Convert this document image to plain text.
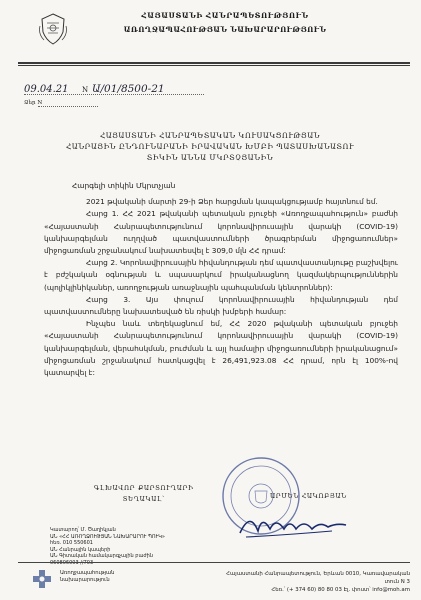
ՀԱՅԱՍՏԱՆԻ ՀԱՆՐԱՊԵՏՈՒԹՅՈՒՆ
ԱՌՈՂՋԱՊԱՀՈՒԹՅԱՆ ՆԱԽԱՐԱՐՈՒԹՅՈՒՆ
09.04.21 N Ա/01/8500-21
Ձեր N
ՀԱՅԱՍՏԱՆԻ ՀԱՆՐԱՊԵՏԱԿԱՆ ԿՈՒՍԱԿՑՈՒԹՅԱՆ
ՀԱՆՐԱՅԻՆ ԸՆԴՈՒՆԱՐԱՆԻ ԻՐԱՎԱԿԱՆ ԽՄԲԻ ՊԱՏԱՍԽԱՆԱՏՈՒ
ՏԻԿԻՆ ԱՆՆԱ ՄԿՐՏՉՅԱՆԻՆ

Հարգելի տիկին Մկրտչյան

2021 թվականի մարտի 29-ի Ձեր հարցման կապակցությամբ հայտնում եմ.

Հարց 1. ՀՀ 2021 թվականի պետական բյուջեի «Առողջապահություն» բաժնի «Հայաստանի Հանրապետությունում կորոնավիրուսային վարակի (COVID-19) կանխարգելման ուղղված պատվաստումների ծրագրերման միջոցառումներ» միջոցառման շրջանակում նախատեսվել է 309,0 մլն ՀՀ դրամ:

Հարց 2. Կորոնավիրուսային հիվանդության դեմ պատվաստանյութը բաշխվելու է բժշկական օգնության և սպասարկում իրականացնող կազմակերպություններին (պոլիկլինիկաներ, առողջության առաջնային պահպանման կենտրոններ):

Հարց 3. Այս փուլում կորոնավիրուսային հիվանդության դեմ պատվաստումները նախատեսված են ռիսկի խմբերի համար:

Ինչպես նաև տեղեկացնում եմ, ՀՀ 2020 թվականի պետական բյուջեի «Հայաստանի Հանրապետությունում կորոնավիրուսային վարակի (COVID-19) կանխարգելման, վերահսկման, բուժման և այլ համալիր միջոցառումների իրականացում» միջոցառման շրջանակում հատկացվել է 26,491,923.08 ՀՀ դրամ, որն էլ 100%-ով կատարվել է:

ԳԼԽԱՎՈՐ ՔԱՐՏՈՒՂԱՐԻ
ՏԵՂԱԿԱԼ՝	ԱՐՄԵՆ ՀԱԿՈԲՅԱՆ
Կատարող՝ Մ. Ծաղիկյան
ԱՆ «ՀՀ ԱՌՈՂՋՈՒԹՅԱՆ ՆԱԽԱՐԱՐՈՒ ՊՈՒԿ»
հեռ. 010 550601
ԱՆ Հանրային կապերի
ԱՆ Գիտական համակարգչային բաժին
Առողջապահության
նախարարություն
Հայաստանի Հանրապետություն, Երևան 0010, Կառավարական տուն N 3
Հեռ.՝ (+ 374 60) 80 80 03 Էլ. փոստ՝ info@moh.am
